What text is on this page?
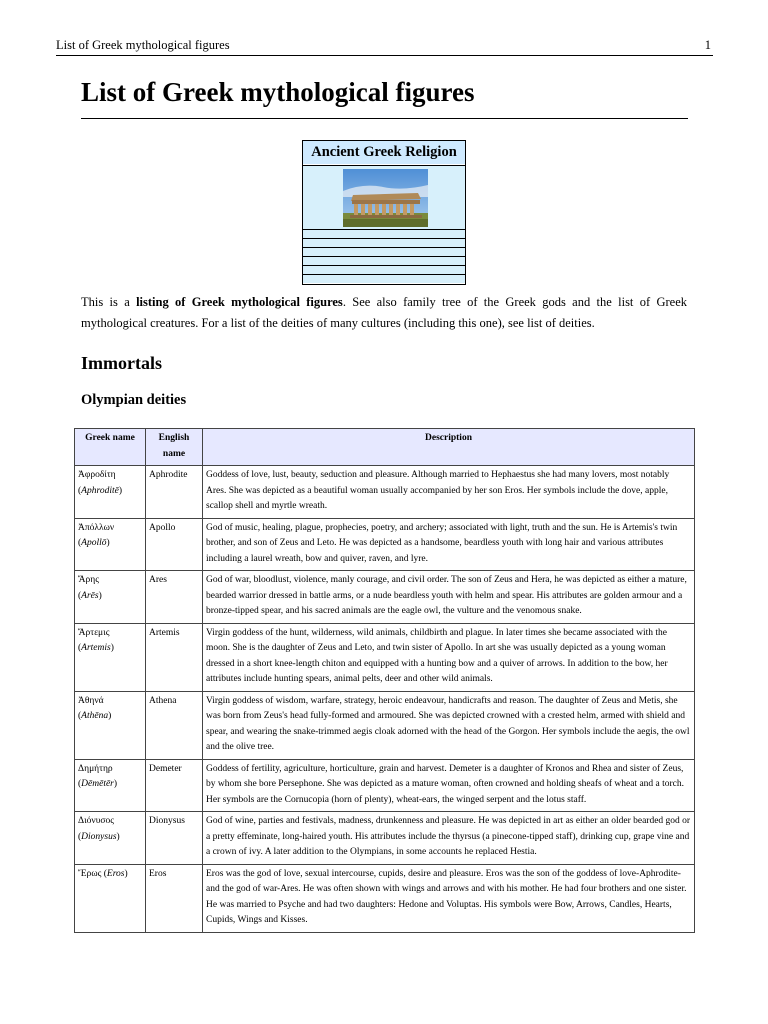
List of Greek mythological figures	1
List of Greek mythological figures
Ancient Greek Religion

This is a listing of Greek mythological figures. See also family tree of the Greek gods and the list of Greek mythological creatures. For a list of the deities of many cultures (including this one), see list of deities.

Immortals
Olympian deities
Greek name	English name	Description
Ἀφροδίτη
(Aphroditē)	Aphrodite	Goddess of love, lust, beauty, seduction and pleasure. Although married to Hephaestus she had many lovers, most notably Ares. She was depicted as a beautiful woman usually accompanied by her son Eros. Her symbols include the dove, apple, scallop shell and myrtle wreath.
Ἀπόλλων
(Apollō)	Apollo	God of music, healing, plague, prophecies, poetry, and archery; associated with light, truth and the sun. He is Artemis's twin brother, and son of Zeus and Leto. He was depicted as a handsome, beardless youth with long hair and various attributes including a laurel wreath, bow and quiver, raven, and lyre.
Ἄρης
(Arēs)	Ares	God of war, bloodlust, violence, manly courage, and civil order. The son of Zeus and Hera, he was depicted as either a mature, bearded warrior dressed in battle arms, or a nude beardless youth with helm and spear. His attributes are golden armour and a bronze-tipped spear, and his sacred animals are the eagle owl, the vulture and the venomous snake.
Ἄρτεμις
(Artemis)	Artemis	Virgin goddess of the hunt, wilderness, wild animals, childbirth and plague. In later times she became associated with the moon. She is the daughter of Zeus and Leto, and twin sister of Apollo. In art she was usually depicted as a young woman dressed in a short knee-length chiton and equipped with a hunting bow and a quiver of arrows. In addition to the bow, her attributes include hunting spears, animal pelts, deer and other wild animals.
Ἀθηνά
(Athēna)	Athena	Virgin goddess of wisdom, warfare, strategy, heroic endeavour, handicrafts and reason. The daughter of Zeus and Metis, she was born from Zeus's head fully-formed and armoured. She was depicted crowned with a crested helm, armed with shield and spear, and wearing the snake-trimmed aegis cloak adorned with the head of the Gorgon. Her symbols include the aegis, the owl and the olive tree.
Δημήτηρ
(Dēmētēr)	Demeter	Goddess of fertility, agriculture, horticulture, grain and harvest. Demeter is a daughter of Kronos and Rhea and sister of Zeus, by whom she bore Persephone. She was depicted as a mature woman, often crowned and holding sheafs of wheat and a torch. Her symbols are the Cornucopia (horn of plenty), wheat-ears, the winged serpent and the lotus staff.
Διόνυσος
(Dionysus)	Dionysus	God of wine, parties and festivals, madness, drunkenness and pleasure. He was depicted in art as either an older bearded god or a pretty effeminate, long-haired youth. His attributes include the thyrsus (a pinecone-tipped staff), drinking cup, grape vine and a crown of ivy. A later addition to the Olympians, in some accounts he replaced Hestia.
Ἔρως (Eros)	Eros	Eros was the god of love, sexual intercourse, cupids, desire and pleasure. Eros was the son of the goddess of love-Aphrodite-and the god of war-Ares. He was often shown with wings and arrows and with his mother. He had four brothers and one sister. He was married to Psyche and had two daughters: Hedone and Voluptas. His symbols were Bow, Arrows, Candles, Hearts, Cupids, Wings and Kisses.
